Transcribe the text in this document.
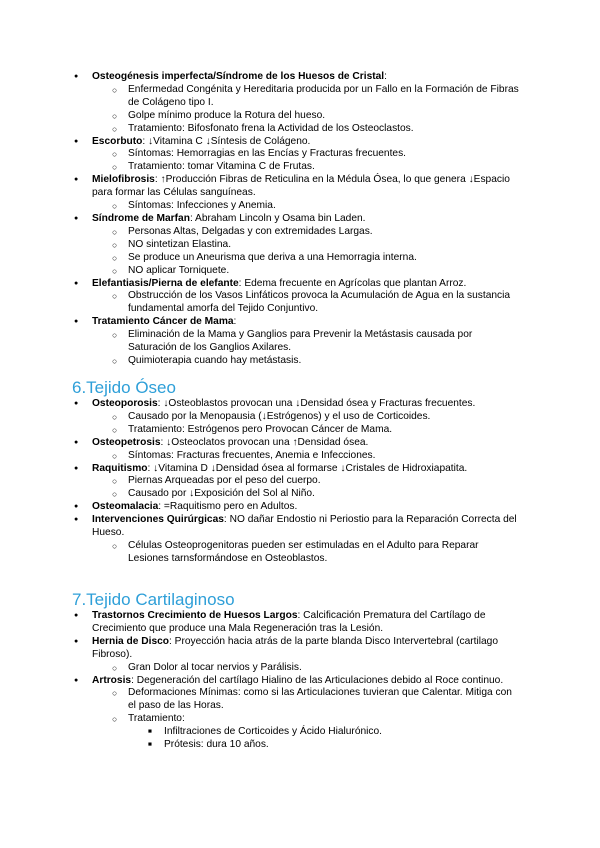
● Osteogénesis imperfecta/Síndrome de los Huesos de Cristal:
○ Enfermedad Congénita y Hereditaria producida por un Fallo en la Formación de Fibras de Colágeno tipo I.
○ Golpe mínimo produce la Rotura del hueso.
○ Tratamiento: Bifosfonato frena la Actividad de los Osteoclastos.
● Escorbuto: ↓Vitamina C ↓Síntesis de Colágeno.
○ Síntomas: Hemorragias en las Encías y Fracturas frecuentes.
○ Tratamiento: tomar Vitamina C de Frutas.
● Mielofibrosis: ↑Producción Fibras de Reticulina en la Médula Ósea, lo que genera ↓Espacio para formar las Células sanguíneas.
○ Síntomas: Infecciones y Anemia.
● Síndrome de Marfan: Abraham Lincoln y Osama bin Laden.
○ Personas Altas, Delgadas y con extremidades Largas.
○ NO sintetizan Elastina.
○ Se produce un Aneurisma que deriva a una Hemorragia interna.
○ NO aplicar Torniquete.
● Elefantiasis/Pierna de elefante: Edema frecuente en Agrícolas que plantan Arroz.
○ Obstrucción de los Vasos Linfáticos provoca la Acumulación de Agua en la sustancia fundamental amorfa del Tejido Conjuntivo.
● Tratamiento Cáncer de Mama:
○ Eliminación de la Mama y Ganglios para Prevenir la Metástasis causada por Saturación de los Ganglios Axilares.
○ Quimioterapia cuando hay metástasis.
6.Tejido Óseo
● Osteoporosis: ↓Osteoblastos provocan una ↓Densidad ósea y Fracturas frecuentes.
○ Causado por la Menopausia (↓Estrógenos) y el uso de Corticoides.
○ Tratamiento: Estrógenos pero Provocan Cáncer de Mama.
● Osteopetrosis: ↓Osteoclatos provocan una ↑Densidad ósea.
○ Síntomas: Fracturas frecuentes, Anemia e Infecciones.
● Raquitismo: ↓Vitamina D ↓Densidad ósea al formarse ↓Cristales de Hidroxiapatita.
○ Piernas Arqueadas por el peso del cuerpo.
○ Causado por ↓Exposición del Sol al Niño.
● Osteomalacia: =Raquitismo pero en Adultos.
● Intervenciones Quirúrgicas: NO dañar Endostio ni Periostio para la Reparación Correcta del Hueso.
○ Células Osteoprogenitoras pueden ser estimuladas en el Adulto para Reparar Lesiones tarnsformándose en Osteoblastos.
7.Tejido Cartilaginoso
● Trastornos Crecimiento de Huesos Largos: Calcificación Prematura del Cartílago de Crecimiento que produce una Mala Regeneración tras la Lesión.
● Hernia de Disco: Proyección hacia atrás de la parte blanda Disco Intervertebral (cartilago Fibroso).
○ Gran Dolor al tocar nervios y Parálisis.
● Artrosis: Degeneración del cartílago Hialino de las Articulaciones debido al Roce continuo.
○ Deformaciones Mínimas: como si las Articulaciones tuvieran que Calentar. Mitiga con el paso de las Horas.
○ Tratamiento:
■ Infiltraciones de Corticoides y Ácido Hialurónico.
■ Prótesis: dura 10 años.
